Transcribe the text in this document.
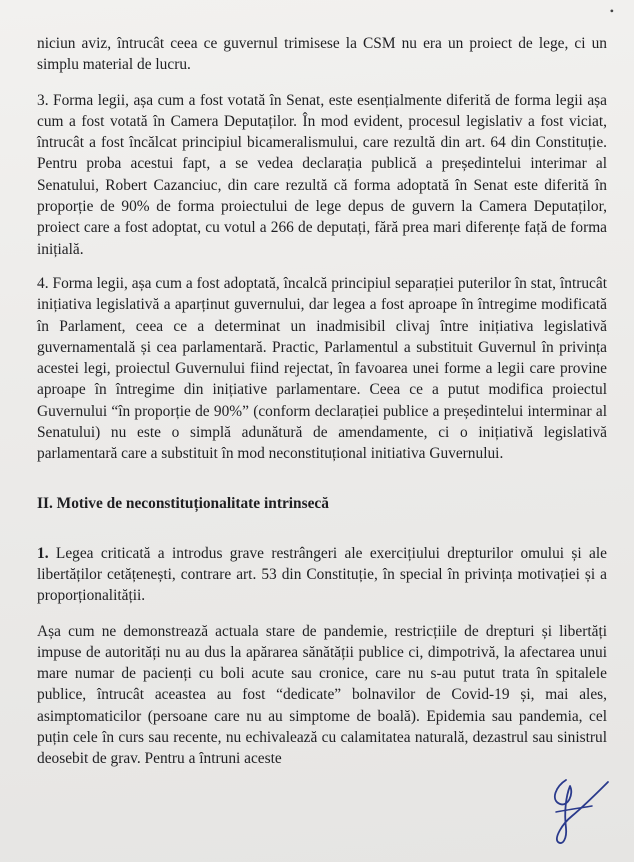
•

niciun aviz, întrucât ceea ce guvernul trimisese la CSM nu era un proiect de lege, ci un simplu material de lucru.

3. Forma legii, așa cum a fost votată în Senat, este esențialmente diferită de forma legii așa cum a fost votată în Camera Deputaților. În mod evident, procesul legislativ a fost viciat, întrucât a fost încălcat principiul bicameralismului, care rezultă din art. 64 din Constituție. Pentru proba acestui fapt, a se vedea declarația publică a președintelui interimar al Senatului, Robert Cazanciuc, din care rezultă că forma adoptată în Senat este diferită în proporție de 90% de forma proiectului de lege depus de guvern la Camera Deputaților, proiect care a fost adoptat, cu votul a 266 de deputați, fără prea mari diferențe față de forma inițială.

4. Forma legii, așa cum a fost adoptată, încalcă principiul separației puterilor în stat, întrucât inițiativa legislativă a aparținut guvernului, dar legea a fost aproape în întregime modificată în Parlament, ceea ce a determinat un inadmisibil clivaj între inițiativa legislativă guvernamentală și cea parlamentară. Practic, Parlamentul a substituit Guvernul în privința acestei legi, proiectul Guvernului fiind rejectat, în favoarea unei forme a legii care provine aproape în întregime din inițiative parlamentare. Ceea ce a putut modifica proiectul Guvernului “în proporție de 90%” (conform declarației publice a președintelui interminar al Senatului) nu este o simplă adunătură de amendamente, ci o inițiativă legislativă parlamentară care a substituit în mod neconstituțional initiativa Guvernului.

II. Motive de neconstituționalitate intrinsecă

1. Legea criticată a introdus grave restrângeri ale exercițiului drepturilor omului și ale libertăților cetățenești, contrare art. 53 din Constituție, în special în privința motivației și a proporționalității.

Așa cum ne demonstrează actuala stare de pandemie, restricțiile de drepturi și libertăți impuse de autorități nu au dus la apărarea sănătății publice ci, dimpotrivă, la afectarea unui mare numar de pacienți cu boli acute sau cronice, care nu s-au putut trata în spitalele publice, întrucât aceastea au fost “dedicate” bolnavilor de Covid-19 și, mai ales, asimptomaticilor (persoane care nu au simptome de boală). Epidemia sau pandemia, cel puțin cele în curs sau recente, nu echivalează cu calamitatea naturală, dezastrul sau sinistrul deosebit de grav. Pentru a întruni aceste
